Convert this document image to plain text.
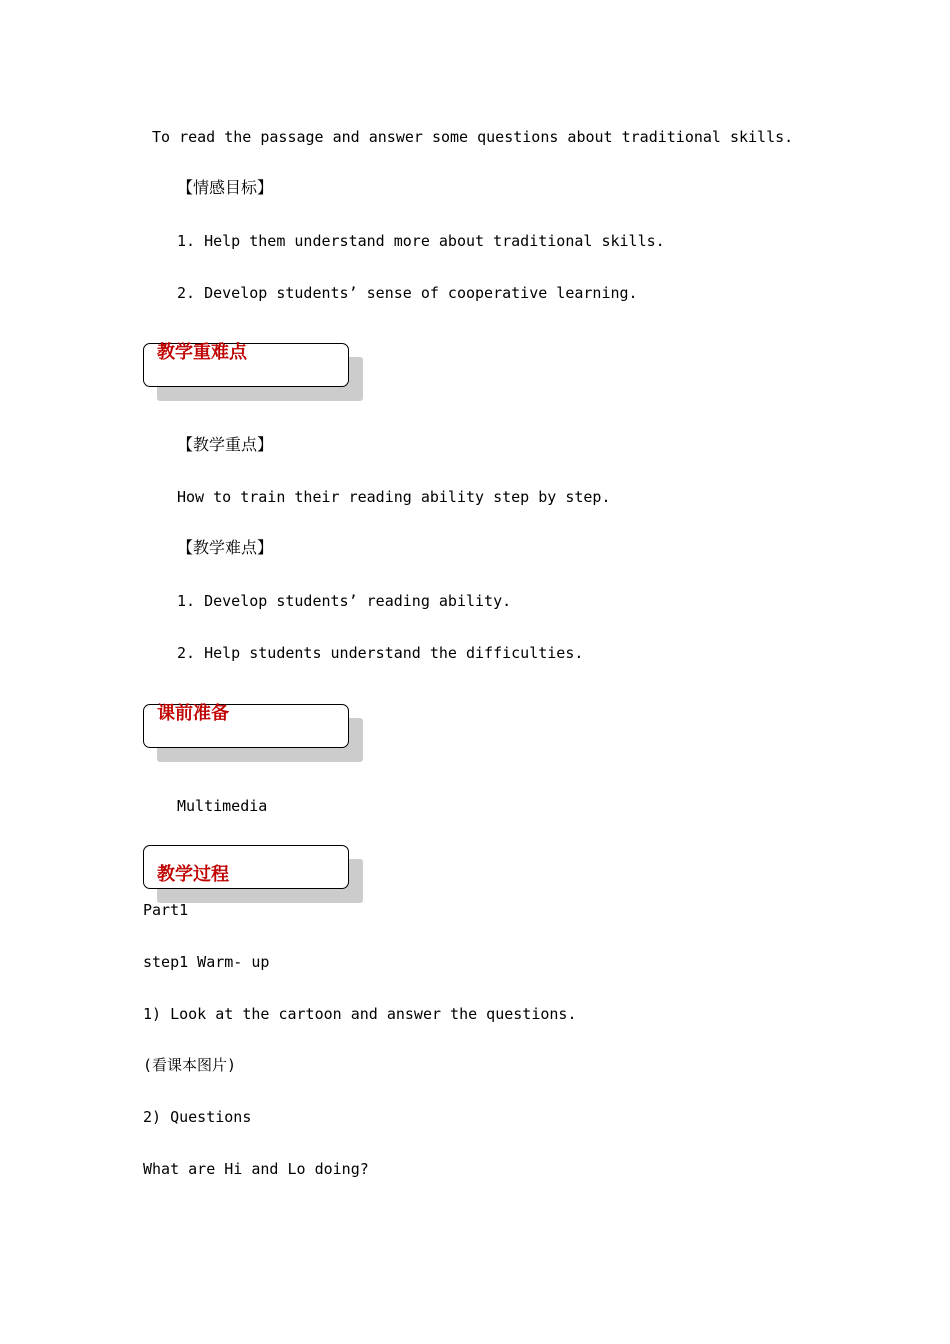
To read the passage and answer some questions about traditional skills.

【情感目标】

1. Help them understand more about traditional skills.

2. Develop students’ sense of cooperative learning.

教学重难点

【教学重点】

How to train their reading ability step by step.

【教学难点】

1. Develop students’ reading ability.

2. Help students understand the difficulties.

课前准备

Multimedia

教学过程

Part1

step1 Warm- up

1) Look at the cartoon and answer the questions.

(看课本图片)

2) Questions

What are Hi and Lo doing?
